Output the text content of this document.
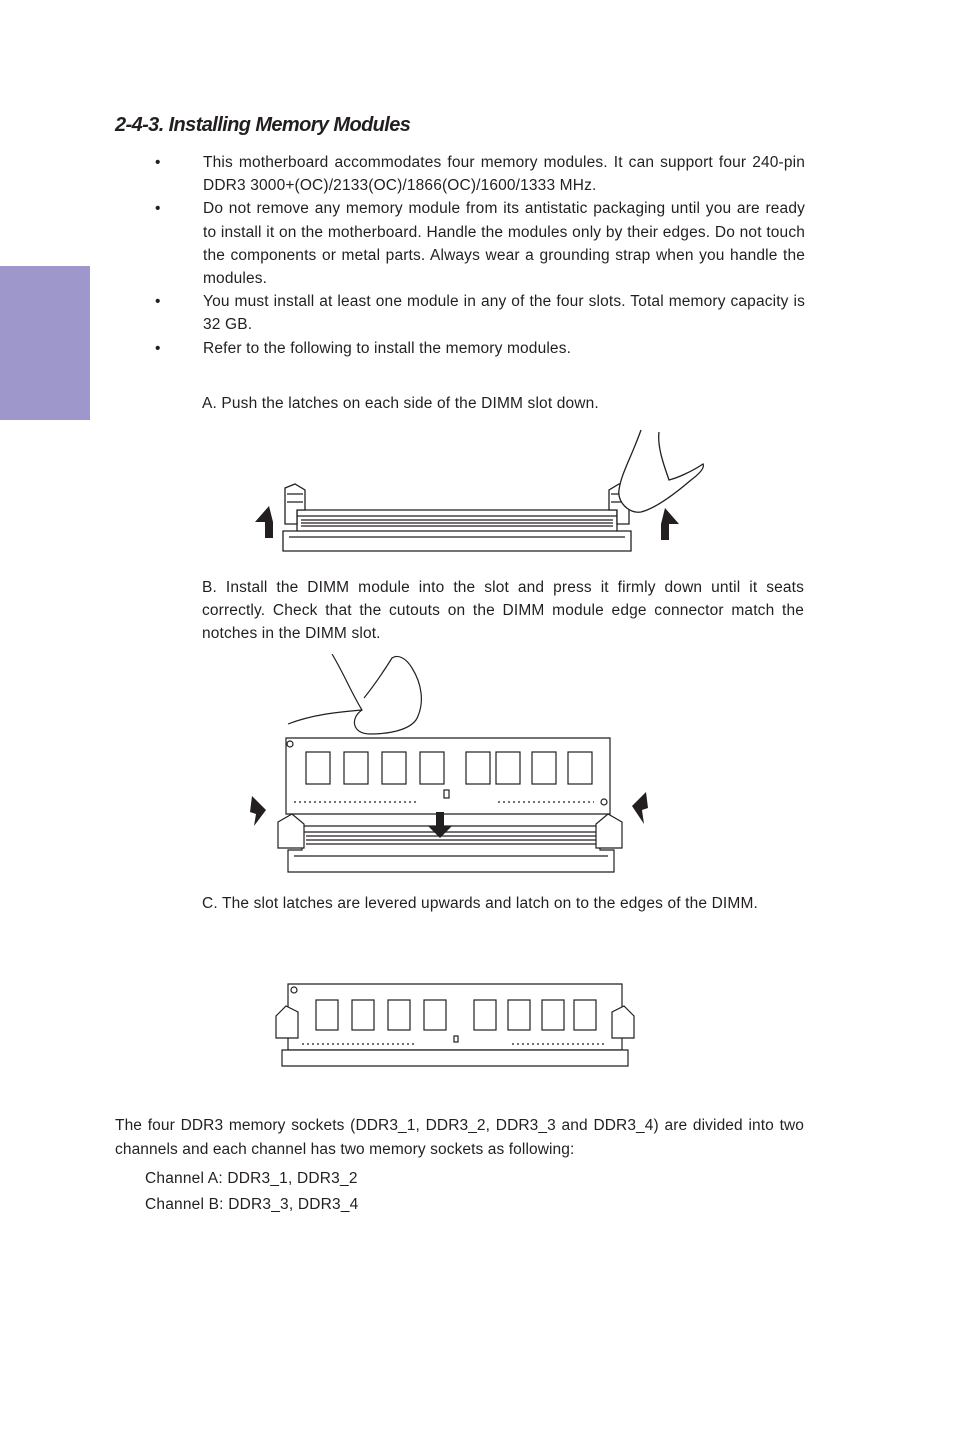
2-4-3. Installing Memory Modules
•	This motherboard accommodates four memory modules. It can support four 240-pin DDR3 3000+(OC)/2133(OC)/1866(OC)/1600/1333 MHz.
•	Do not remove any memory module from its antistatic packaging until you are ready to install it on the motherboard. Handle the modules only by their edges. Do not touch the components or metal parts. Always wear a grounding strap when you handle the modules.
•	You must install at least one module in any of the four slots. Total memory capacity is 32 GB.
•	Refer to the following to install the memory modules.

A. Push the latches on each side of the DIMM slot down.

B. Install the DIMM module into the slot and press it firmly down until it seats correctly. Check that the cutouts on the DIMM module edge connector match the notches in the DIMM slot.

C. The slot latches are levered upwards and latch on to the edges of the DIMM.

The four DDR3 memory sockets (DDR3_1, DDR3_2, DDR3_3 and DDR3_4) are divided into two channels and each channel has two memory sockets as following:

Channel A: DDR3_1, DDR3_2

Channel B: DDR3_3, DDR3_4
